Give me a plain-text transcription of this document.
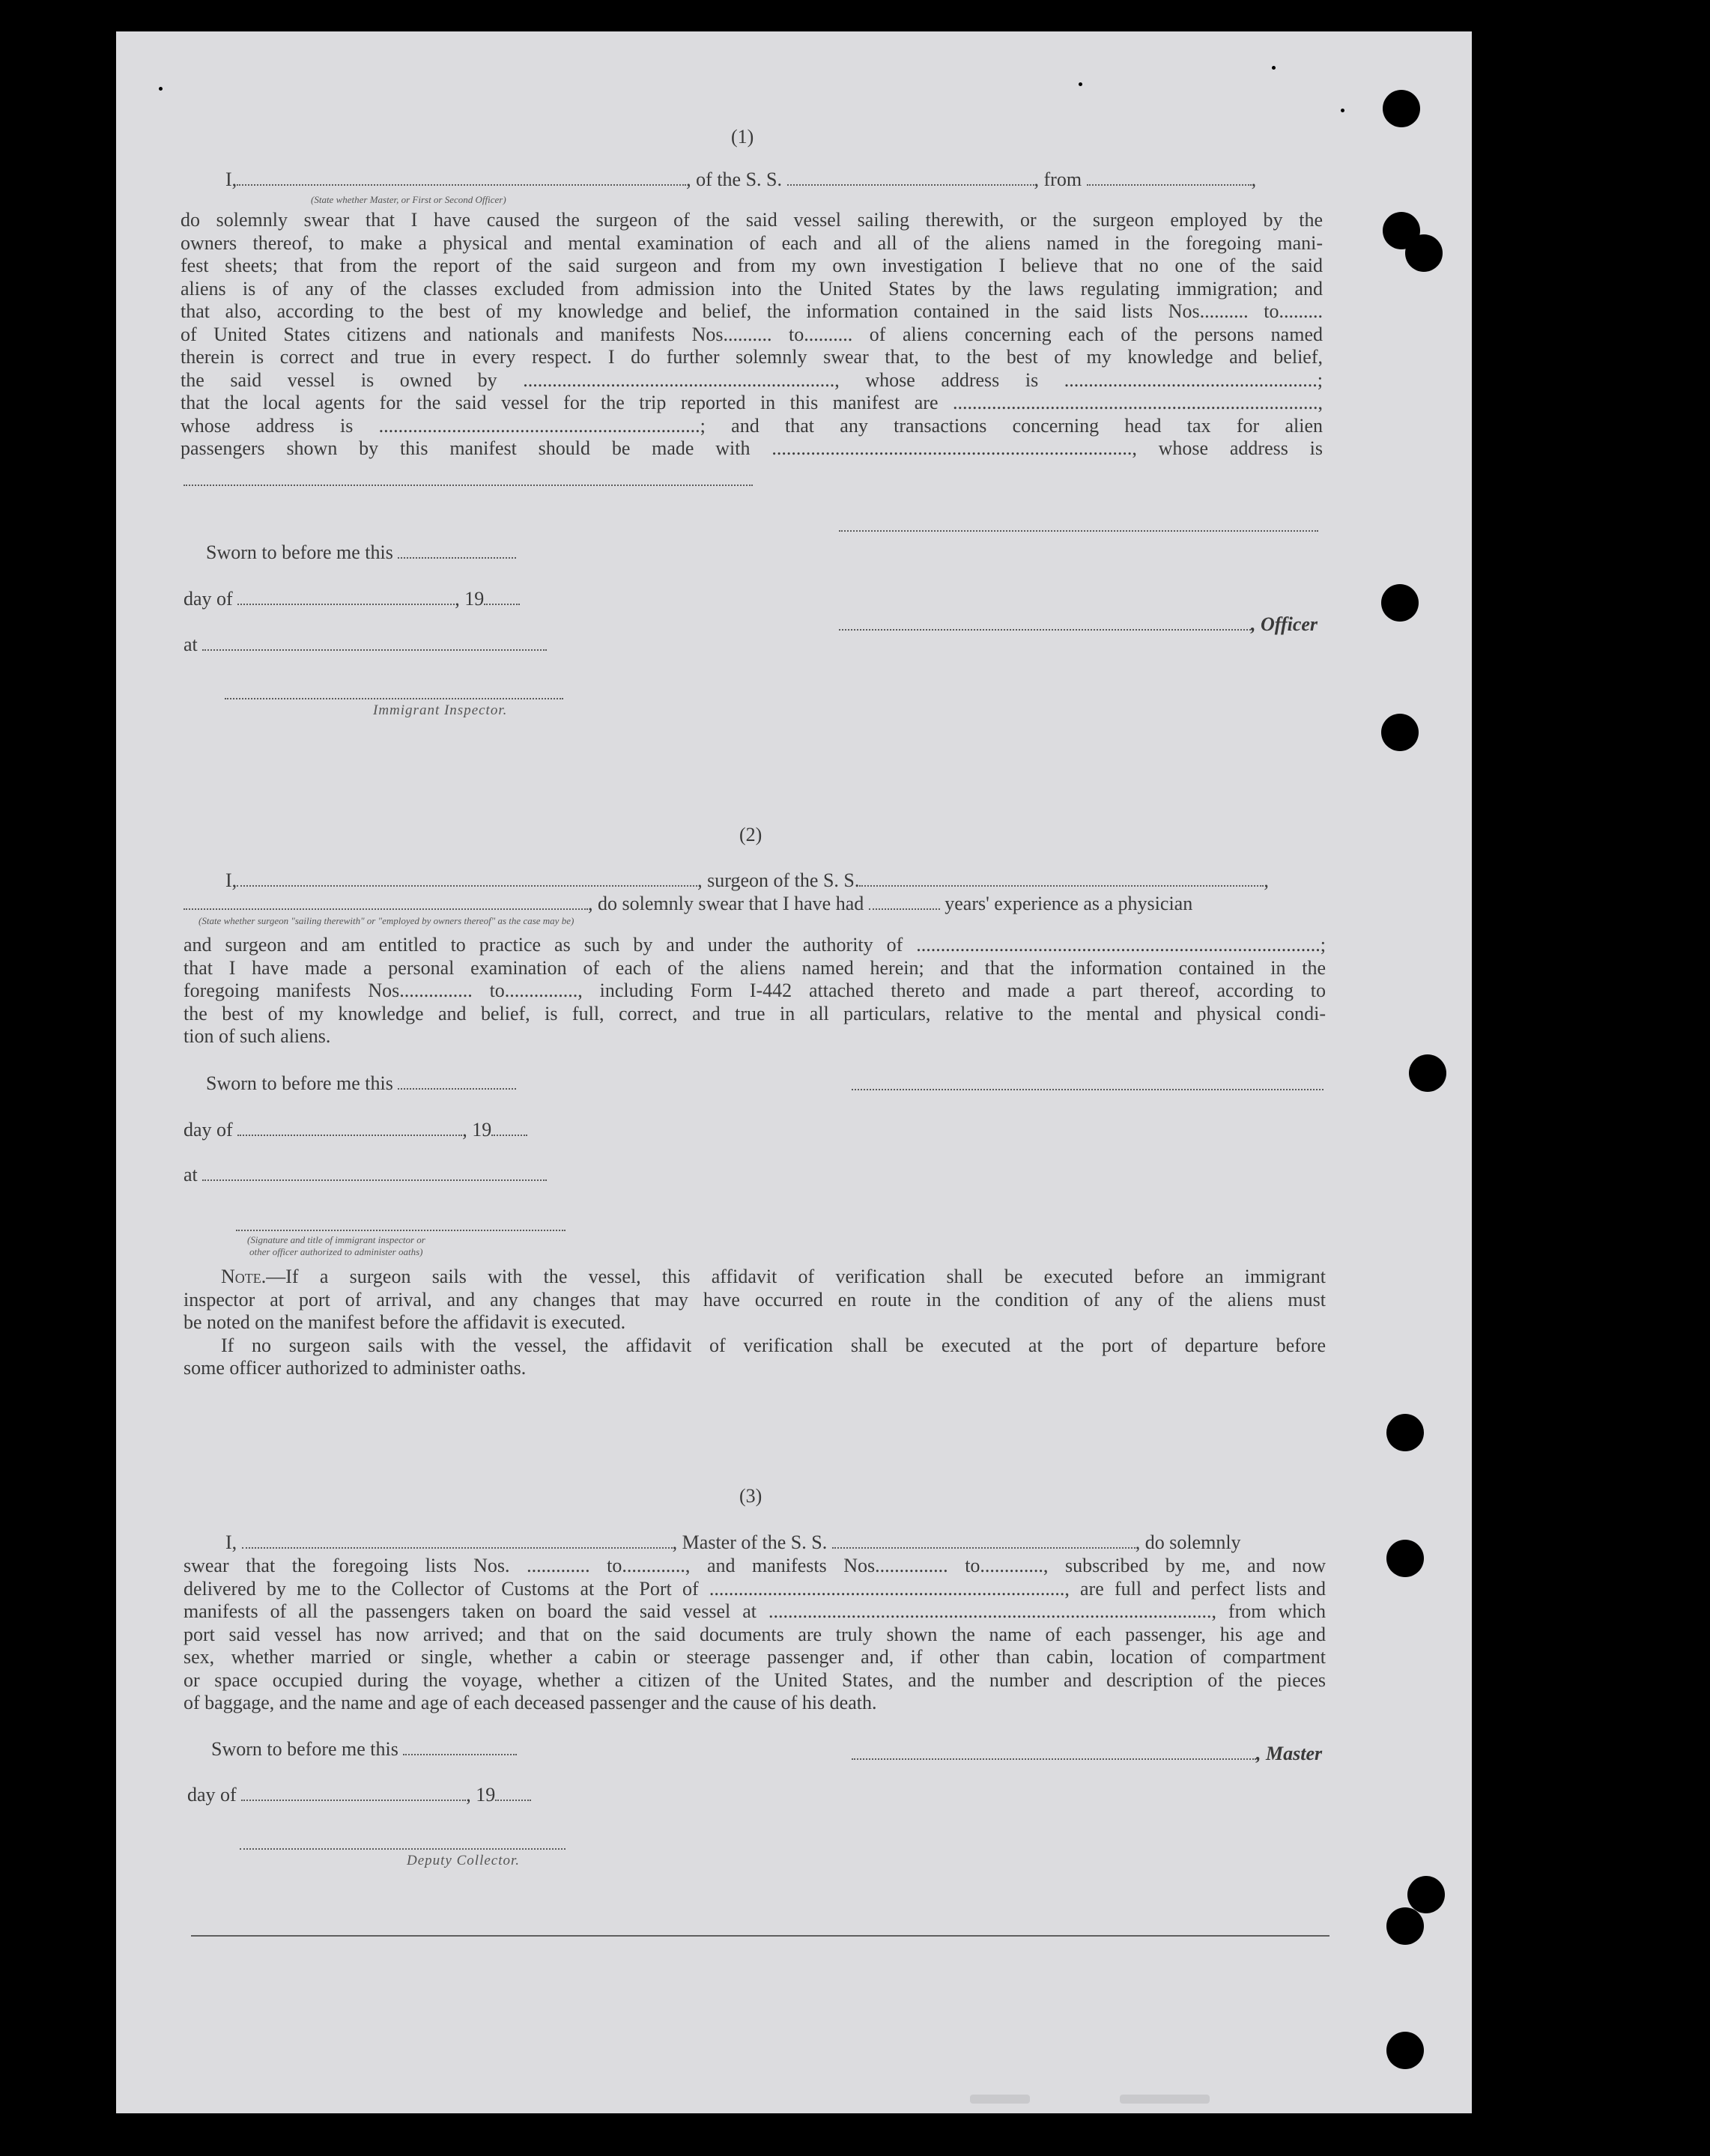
(1)
I,	, of the S. S.	, from	,
(State whether Master, or First or Second Officer)
do solemnly swear that I have caused the surgeon of the said vessel sailing therewith, or the surgeon employed by the
owners thereof, to make a physical and mental examination of each and all of the aliens named in the foregoing mani-
fest sheets; that from the report of the said surgeon and from my own investigation I believe that no one of the said
aliens is of any of the classes excluded from admission into the United States by the laws regulating immigration; and
that also, according to the best of my knowledge and belief, the information contained in the said lists Nos.......... to.........
of United States citizens and nationals and manifests Nos.......... to.......... of aliens concerning each of the persons named
therein is correct and true in every respect. I do further solemnly swear that, to the best of my knowledge and belief,
the said vessel is owned by ................................................................, whose address is ....................................................;
that the local agents for the said vessel for the trip reported in this manifest are ...........................................................................,
whose address is ..................................................................; and that any transactions concerning head tax for alien
passengers shown by this manifest should be made with .........................................................................., whose address is
Sworn to before me this
day of	, 19
, Officer
at
Immigrant Inspector.
(2)
I,	, surgeon of the S. S.	,
, do solemnly swear that I have had	years' experience as a physician
(State whether surgeon "sailing therewith" or "employed by owners thereof" as the case may be)
and surgeon and am entitled to practice as such by and under the authority of ...................................................................................;
that I have made a personal examination of each of the aliens named herein; and that the information contained in the
foregoing manifests Nos............... to..............., including Form I-442 attached thereto and made a part thereof, according to
the best of my knowledge and belief, is full, correct, and true in all particulars, relative to the mental and physical condi-
tion of such aliens.
Sworn to before me this
day of	, 19
at
(Signature and title of immigrant inspector or
other officer authorized to administer oaths)
Note.—If a surgeon sails with the vessel, this affidavit of verification shall be executed before an immigrant
inspector at port of arrival, and any changes that may have occurred en route in the condition of any of the aliens must
be noted on the manifest before the affidavit is executed.
If no surgeon sails with the vessel, the affidavit of verification shall be executed at the port of departure before
some officer authorized to administer oaths.
(3)
I,	, Master of the S. S.	, do solemnly
swear that the foregoing lists Nos. ............. to............., and manifests Nos............... to............., subscribed by me, and now
delivered by me to the Collector of Customs at the Port of ........................................................................., are full and perfect lists and
manifests of all the passengers taken on board the said vessel at ..........................................................................................., from which
port said vessel has now arrived; and that on the said documents are truly shown the name of each passenger, his age and
sex, whether married or single, whether a cabin or steerage passenger and, if other than cabin, location of compartment
or space occupied during the voyage, whether a citizen of the United States, and the number and description of the pieces
of baggage, and the name and age of each deceased passenger and the cause of his death.
Sworn to before me this	, Master
day of	, 19
Deputy Collector.
